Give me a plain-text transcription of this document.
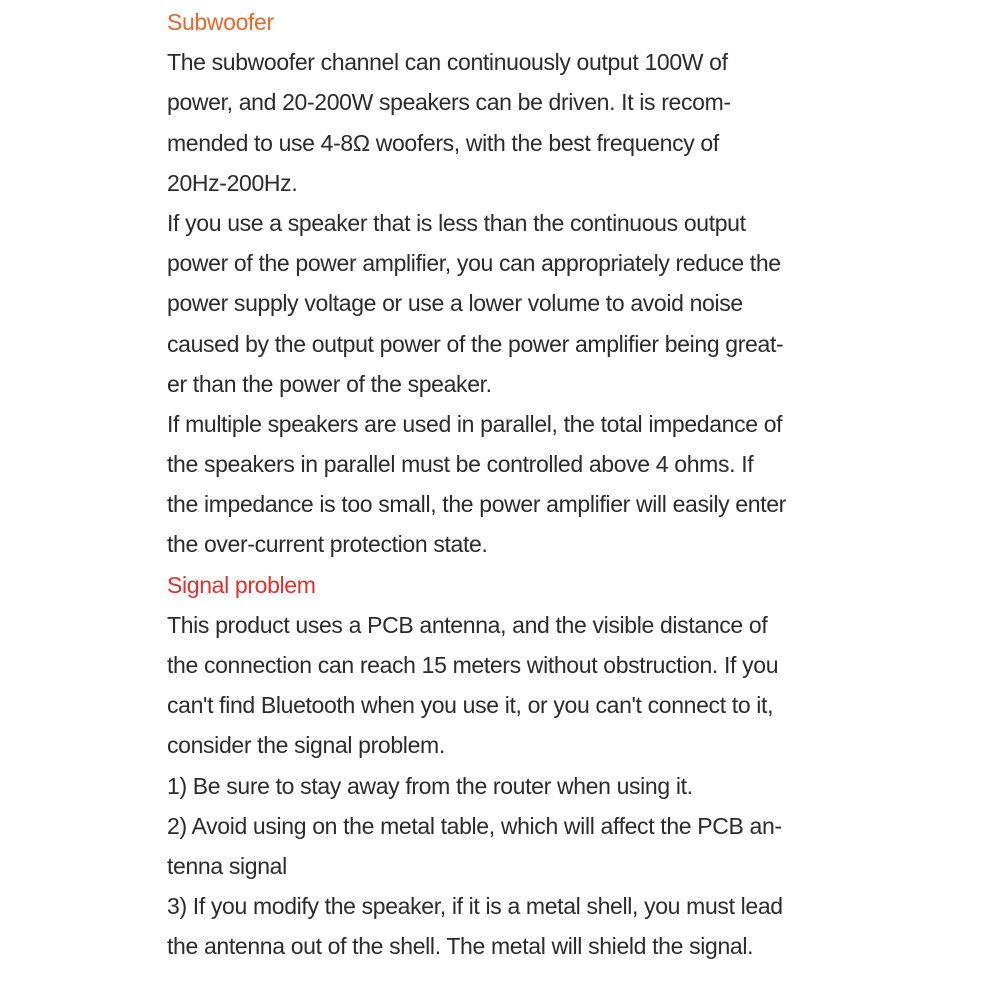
Subwoofer
The subwoofer channel can continuously output 100W of
power, and 20-200W speakers can be driven. It is recom-
mended to use 4-8Ω woofers, with the best frequency of
20Hz-200Hz.
If you use a speaker that is less than the continuous output
power of the power amplifier, you can appropriately reduce the
power supply voltage or use a lower volume to avoid noise
caused by the output power of the power amplifier being great-
er than the power of the speaker.
If multiple speakers are used in parallel, the total impedance of
the speakers in parallel must be controlled above 4 ohms. If
the impedance is too small, the power amplifier will easily enter
the over-current protection state.
Signal problem
This product uses a PCB antenna, and the visible distance of
the connection can reach 15 meters without obstruction. If you
can't find Bluetooth when you use it, or you can't connect to it,
consider the signal problem.
1) Be sure to stay away from the router when using it.
2) Avoid using on the metal table, which will affect the PCB an-
tenna signal
3) If you modify the speaker, if it is a metal shell, you must lead
the antenna out of the shell. The metal will shield the signal.
